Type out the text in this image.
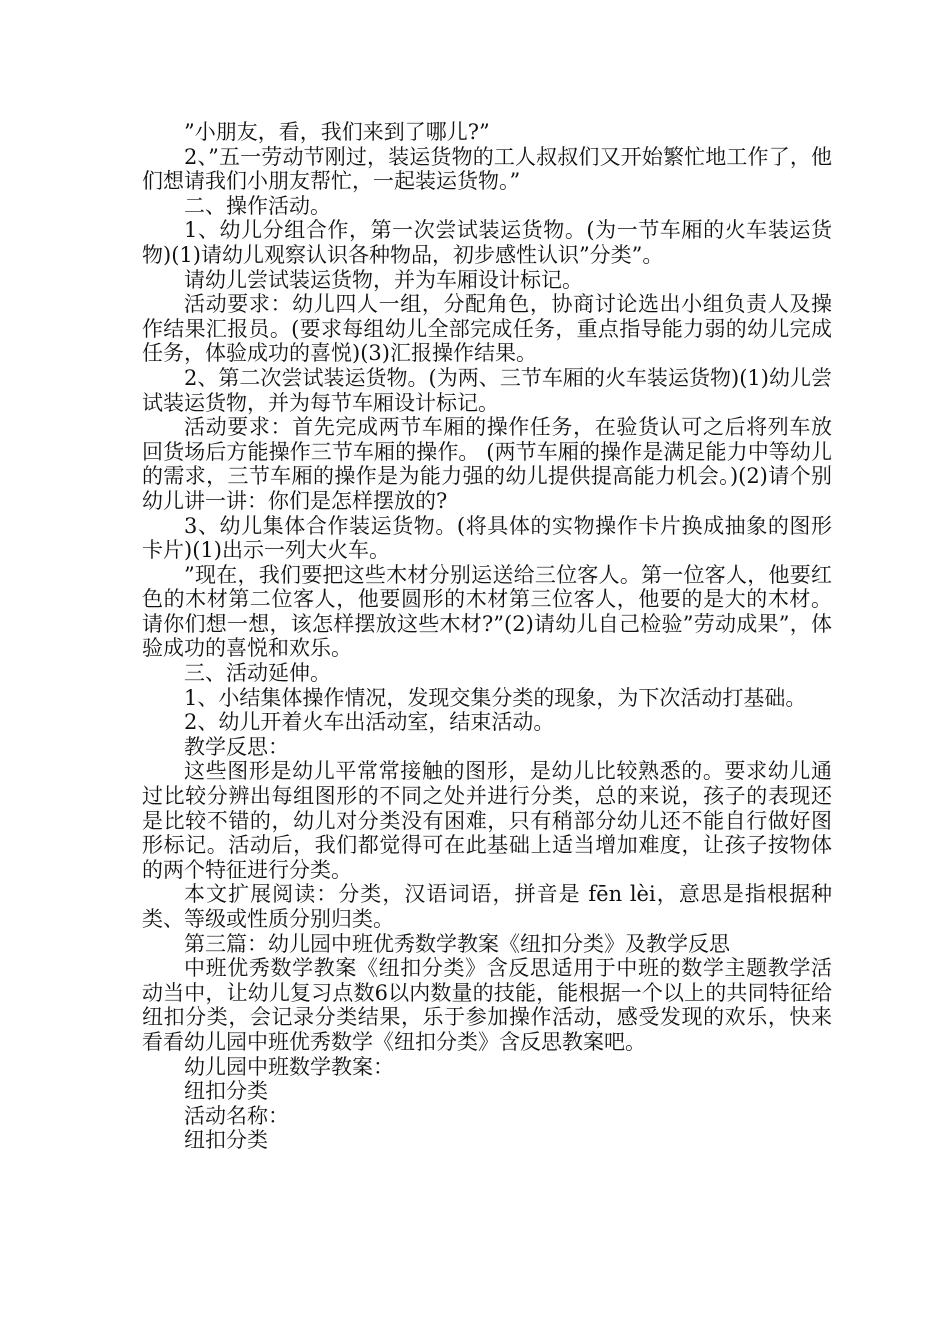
”小朋友，看，我们来到了哪儿?”

2、”五一劳动节刚过，装运货物的工人叔叔们又开始繁忙地工作了，他们想请我们小朋友帮忙，一起装运货物。”

二、操作活动。

1、幼儿分组合作，第一次尝试装运货物。(为一节车厢的火车装运货物)(1)请幼儿观察认识各种物品，初步感性认识”分类”。

请幼儿尝试装运货物，并为车厢设计标记。

活动要求：幼儿四人一组，分配角色，协商讨论选出小组负责人及操作结果汇报员。(要求每组幼儿全部完成任务，重点指导能力弱的幼儿完成任务，体验成功的喜悦)(3)汇报操作结果。

2、第二次尝试装运货物。(为两、三节车厢的火车装运货物)(1)幼儿尝试装运货物，并为每节车厢设计标记。

活动要求：首先完成两节车厢的操作任务，在验货认可之后将列车放回货场后方能操作三节车厢的操作。 (两节车厢的操作是满足能力中等幼儿的需求，三节车厢的操作是为能力强的幼儿提供提高能力机会。)(2)请个别幼儿讲一讲：你们是怎样摆放的?

3、幼儿集体合作装运货物。(将具体的实物操作卡片换成抽象的图形卡片)(1)出示一列大火车。

”现在，我们要把这些木材分别运送给三位客人。第一位客人，他要红色的木材第二位客人，他要圆形的木材第三位客人，他要的是大的木材。请你们想一想，该怎样摆放这些木材?”(2)请幼儿自己检验”劳动成果”，体验成功的喜悦和欢乐。

三、活动延伸。

1、小结集体操作情况，发现交集分类的现象，为下次活动打基础。

2、幼儿开着火车出活动室，结束活动。

教学反思：

这些图形是幼儿平常常接触的图形，是幼儿比较熟悉的。要求幼儿通过比较分辨出每组图形的不同之处并进行分类，总的来说，孩子的表现还是比较不错的，幼儿对分类没有困难，只有稍部分幼儿还不能自行做好图形标记。活动后，我们都觉得可在此基础上适当增加难度，让孩子按物体的两个特征进行分类。

本文扩展阅读：分类，汉语词语，拼音是 fēn lèi，意思是指根据种类、等级或性质分别归类。

第三篇：幼儿园中班优秀数学教案《纽扣分类》及教学反思

中班优秀数学教案《纽扣分类》含反思适用于中班的数学主题教学活动当中，让幼儿复习点数6以内数量的技能，能根据一个以上的共同特征给纽扣分类，会记录分类结果，乐于参加操作活动，感受发现的欢乐，快来看看幼儿园中班优秀数学《纽扣分类》含反思教案吧。

幼儿园中班数学教案：

纽扣分类

活动名称：

纽扣分类
